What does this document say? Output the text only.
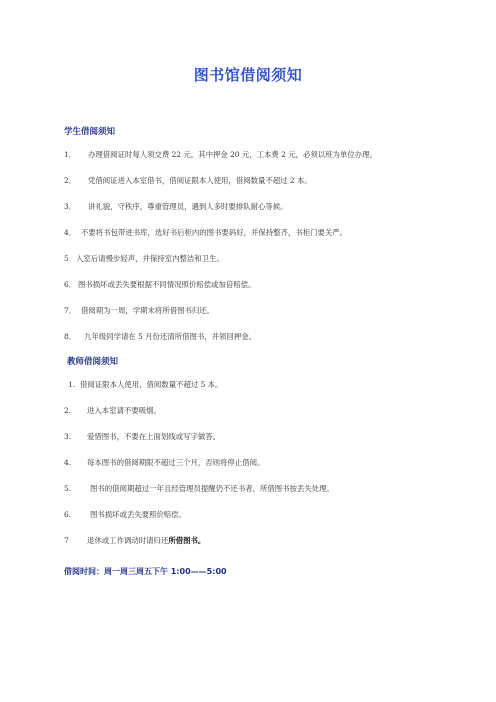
图书馆借阅须知
学生借阅须知
1． 办理借阅证时每人须交费 22 元，其中押金 20 元，工本费 2 元，必须以班为单位办理。
2． 凭借阅证进入本室借书，借阅证限本人使用，借阅数量不超过 2 本。
3． 讲礼貌，守秩序，尊重管理员，遇到人多时要排队耐心等候。
4． 不要将书包带进书库，选好书后柜内的图书要码好，并保持整齐，书柜门要关严。
5 入室后请慢步轻声，并保持室内整洁和卫生。
6． 图书损坏或丢失要根据不同情况照价赔偿或加倍赔偿。
7． 借阅期为一周，学期末将所借图书归还。
8． 九年级同学请在 5 月份还清所借图书，并领回押金。
教师借阅须知
1. 借阅证限本人使用，借阅数量不超过 5 本。
2. 进入本室请不要吸烟。
3. 爱惜图书，不要在上面划线或写字做答。
4. 每本图书的借阅期限不超过三个月，否则将停止借阅。
5.	图书的借阅期超过一年且经管理员提醒仍不还书者，所借图书按丢失处理。
6.	图书损坏或丢失要照价赔偿。
7 退休或工作调动时请归还所借图书。
借阅时间：周一周三周五下午 1:00——5:00
